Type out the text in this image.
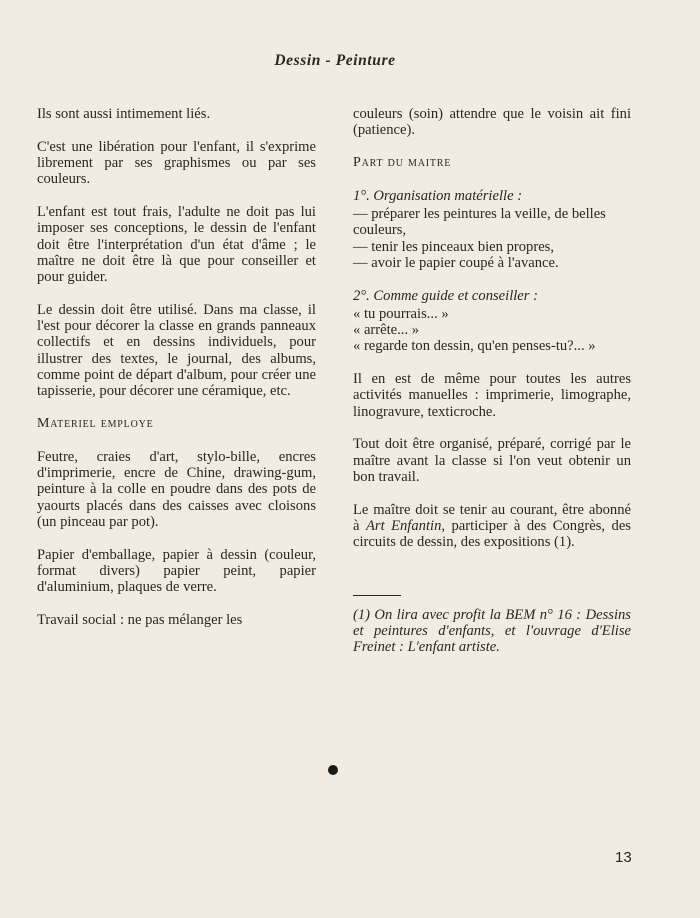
Dessin - Peinture

Ils sont aussi intimement liés.

C'est une libération pour l'enfant, il s'exprime librement par ses graphismes ou par ses couleurs.

L'enfant est tout frais, l'adulte ne doit pas lui imposer ses conceptions, le dessin de l'enfant doit être l'interprétation d'un état d'âme ; le maître ne doit être là que pour conseiller et pour guider.

Le dessin doit être utilisé. Dans ma classe, il l'est pour décorer la classe en grands panneaux collectifs et en dessins individuels, pour illustrer des textes, le journal, des albums, comme point de départ d'album, pour créer une tapisserie, pour décorer une céramique, etc.

Materiel employe

Feutre, craies d'art, stylo-bille, encres d'imprimerie, encre de Chine, drawing-gum, peinture à la colle en poudre dans des pots de yaourts placés dans des caisses avec cloisons (un pinceau par pot).

Papier d'emballage, papier à dessin (couleur, format divers) papier peint, papier d'aluminium, plaques de verre.

Travail social : ne pas mélanger les

couleurs (soin) attendre que le voisin ait fini (patience).

Part du maitre

1°. Organisation matérielle :

— préparer les peintures la veille, de belles couleurs,

— tenir les pinceaux bien propres,

— avoir le papier coupé à l'avance.

2°. Comme guide et conseiller :

« tu pourrais... »

« arrête... »

« regarde ton dessin, qu'en penses-tu?... »

Il en est de même pour toutes les autres activités manuelles : imprimerie, limographe, linogravure, texticroche.

Tout doit être organisé, préparé, corrigé par le maître avant la classe si l'on veut obtenir un bon travail.

Le maître doit se tenir au courant, être abonné à Art Enfantin, participer à des Congrès, des circuits de dessin, des expositions (1).

(1) On lira avec profit la BEM n° 16 : Dessins et peintures d'enfants, et l'ouvrage d'Elise Freinet : L'enfant artiste.

13
